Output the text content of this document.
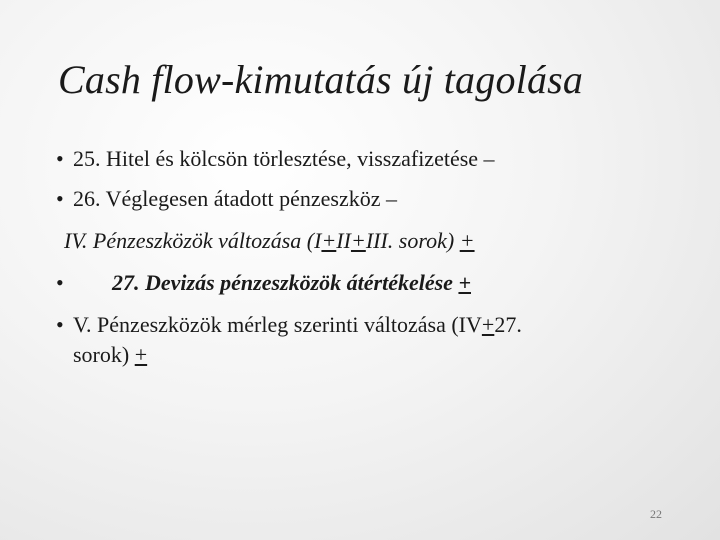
Cash flow-kimutatás új tagolása
• 25. Hitel és kölcsön törlesztése, visszafizetése –
• 26. Véglegesen átadott pénzeszköz –
IV. Pénzeszközök változása (I+II+III. sorok) +
• 27. Devizás pénzeszközök átértékelése +
• V. Pénzeszközök mérleg szerinti változása (IV+27.
sorok) +
22
